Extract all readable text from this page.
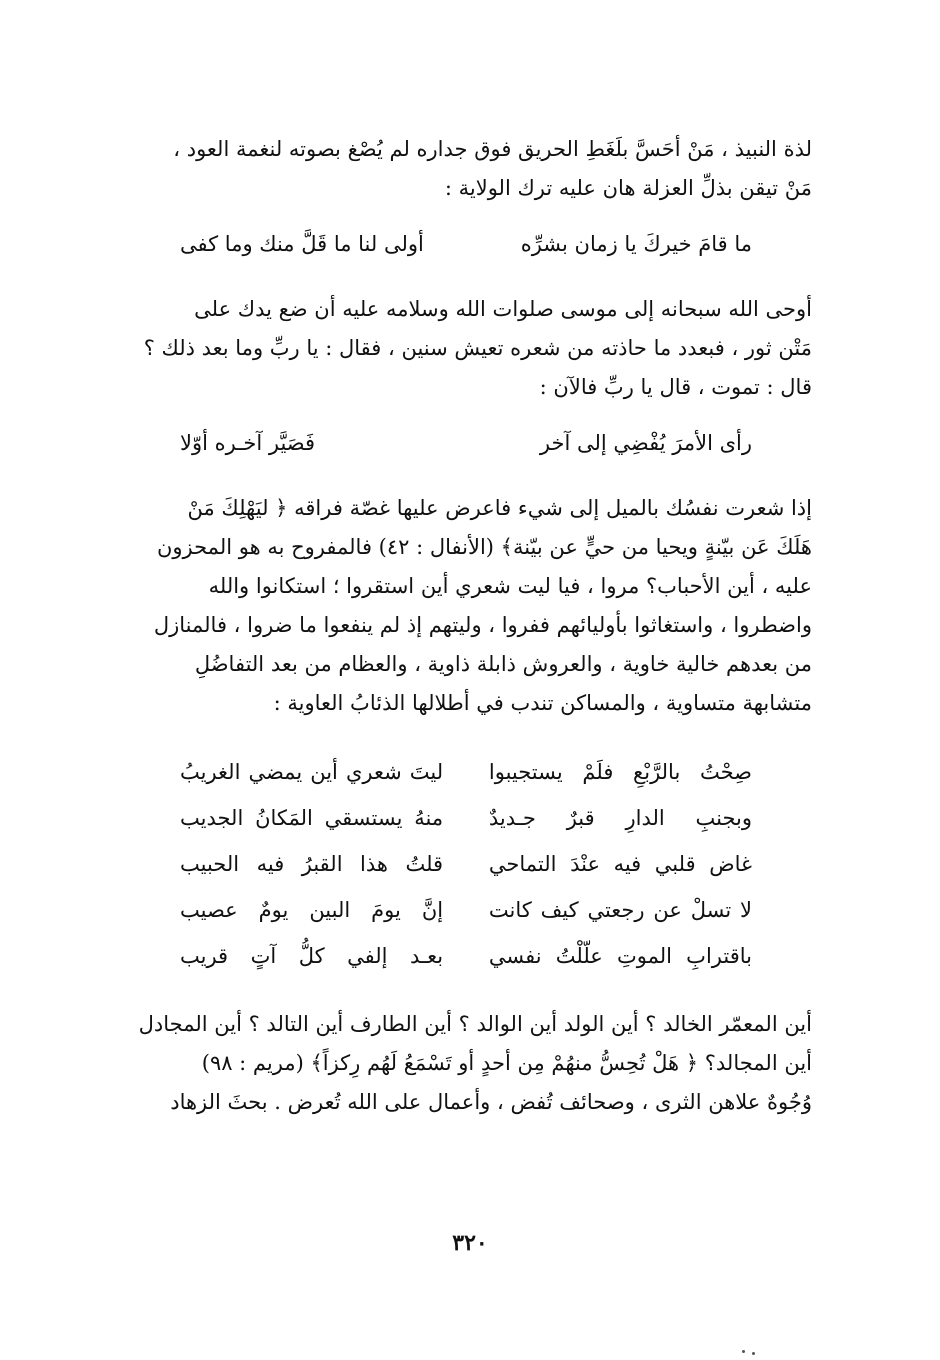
لذة النبيذ ، مَنْ أحَسَّ بلَغَطِ الحريق فوق جداره لم يُصْغ بصوته لنغمة العود ،

مَنْ تيقن بذلِّ العزلة هان عليه ترك الولاية :

ما قامَ خيركَ يا زمان بشرِّه
أولى لنا ما قَلَّ منك وما كفى

أوحى الله سبحانه إلى موسى صلوات الله وسلامه عليه أن ضع يدك على

مَتْن ثور ، فبعدد ما حاذته من شعره تعيش سنين ، فقال : يا ربِّ وما بعد ذلك ؟

قال : تموت ، قال يا ربِّ فالآن :

رأى الأمرَ يُفْضِي إلى آخر
فَصَيَّر آخـره أوّلا

إذا شعرت نفسُك بالميل إلى شيء فاعرض عليها غصّة فراقه ﴿ ليَهْلِكَ مَنْ

هَلَكَ عَن بيّنةٍ ويحيا من حيٍّ عن بيّنة﴾ (الأنفال : ٤٢) فالمفروح به هو المحزون

عليه ، أين الأحباب؟ مروا ، فيا ليت شعري أين استقروا ؛ استكانوا والله

واضطروا ، واستغاثوا بأوليائهم ففروا ، وليتهم إذ لم ينفعوا ما ضروا ، فالمنازل

من بعدهم خالية خاوية ، والعروش ذابلة ذاوية ، والعظام من بعد التفاضُلِ

متشابهة متساوية ، والمساكن تندب في أطلالها الذئابُ العاوية :

صِحْتُ بالرَّبْعِ فلَمْ يستجيبوا
ليتَ شعري أين يمضي الغريبُ
وبجنبِ الدارِ قبرٌ جـديدٌ
منهُ يستسقي المَكانُ الجديب
غاض قلبي فيه عنْدَ التماحي
قلتُ هذا القبرُ فيه الحبيب
لا تسلْ عن رجعتي كيف كانت
إنَّ يومَ البين يومٌ عصيب
باقترابِ الموتِ علّلْتُ نفسي
بعـد إلفي كلُّ آتٍ قريب

أين المعمّر الخالد ؟ أين الولد أين الوالد ؟ أين الطارف أين التالد ؟ أين المجادل

أين المجالد؟ ﴿ هَلْ تُحِسُّ منهُمْ مِن أحدٍ أو تَسْمَعُ لَهُم رِكزاً﴾ (مريم : ٩٨)

وُجُوهٌ علاهن الثرى ، وصحائف تُفض ، وأعمال على الله تُعرض . بحثَ الزهاد

٣٢٠
